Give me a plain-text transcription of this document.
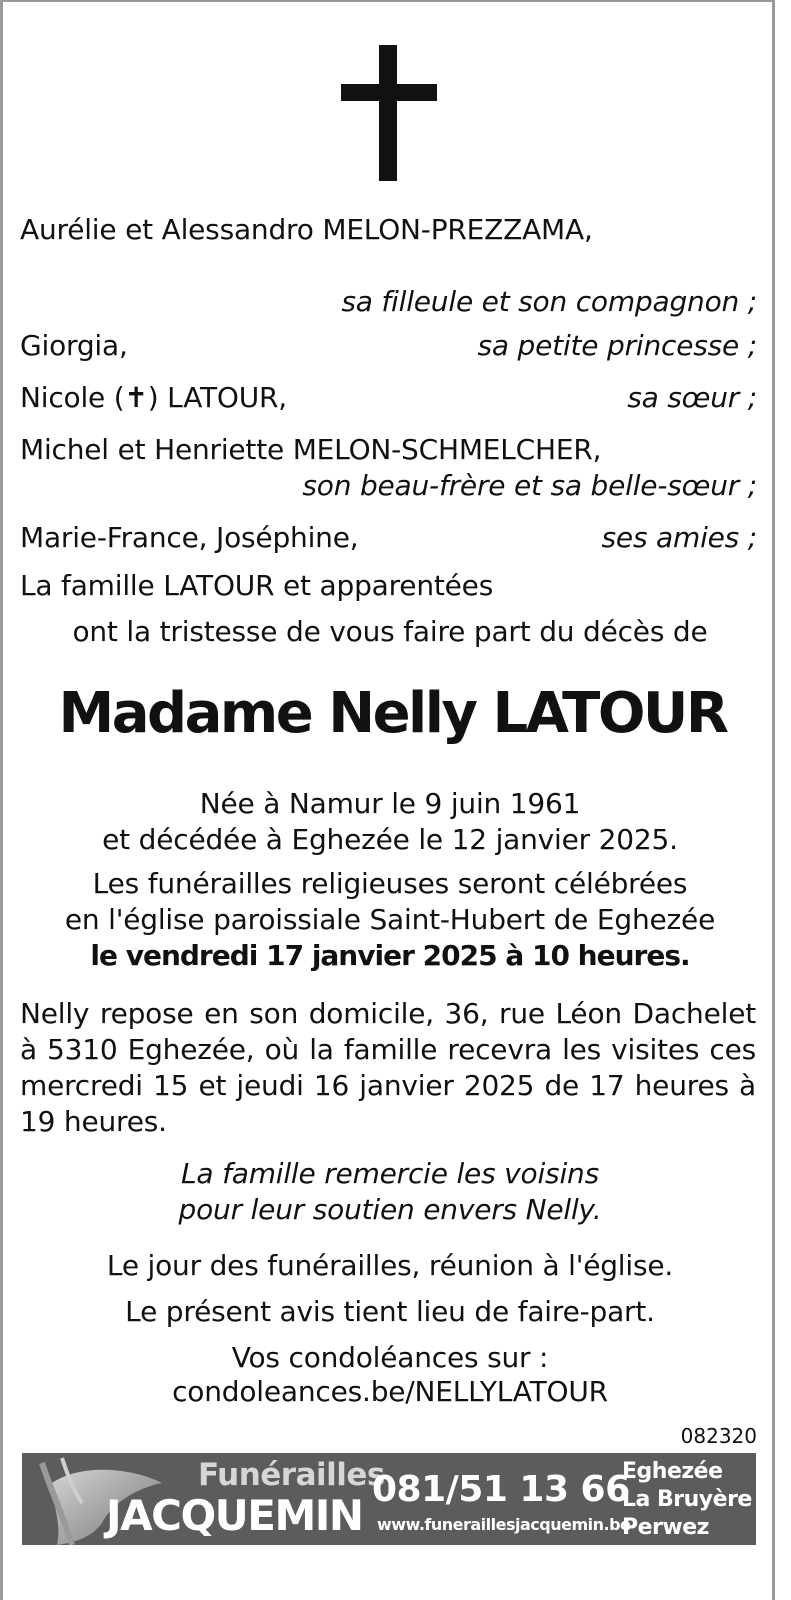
Aurélie et Alessandro MELON-PREZZAMA,
sa filleule et son compagnon ;
Giorgia,	sa petite princesse ;
Nicole (✝) LATOUR,	sa sœur ;
Michel et Henriette MELON-SCHMELCHER,
son beau-frère et sa belle-sœur ;
Marie-France, Joséphine,	ses amies ;
La famille LATOUR et apparentées
ont la tristesse de vous faire part du décès de
Madame Nelly LATOUR
Née à Namur le 9 juin 1961
et décédée à Eghezée le 12 janvier 2025.
Les funérailles religieuses seront célébrées
en l'église paroissiale Saint-Hubert de Eghezée
le vendredi 17 janvier 2025 à 10 heures.
Nelly repose en son domicile, 36, rue Léon Dachelet à 5310 Eghezée, où la famille recevra les visites ces mercredi 15 et jeudi 16 janvier 2025 de 17 heures à 19 heures.
La famille remercie les voisins
pour leur soutien envers Nelly.
Le jour des funérailles, réunion à l'église.
Le présent avis tient lieu de faire-part.
Vos condoléances sur :
condoleances.be/NELLYLATOUR
082320
Funérailles
JACQUEMIN
081/51 13 66
www.funeraillesjacquemin.be
Eghezée
La Bruyère
Perwez
